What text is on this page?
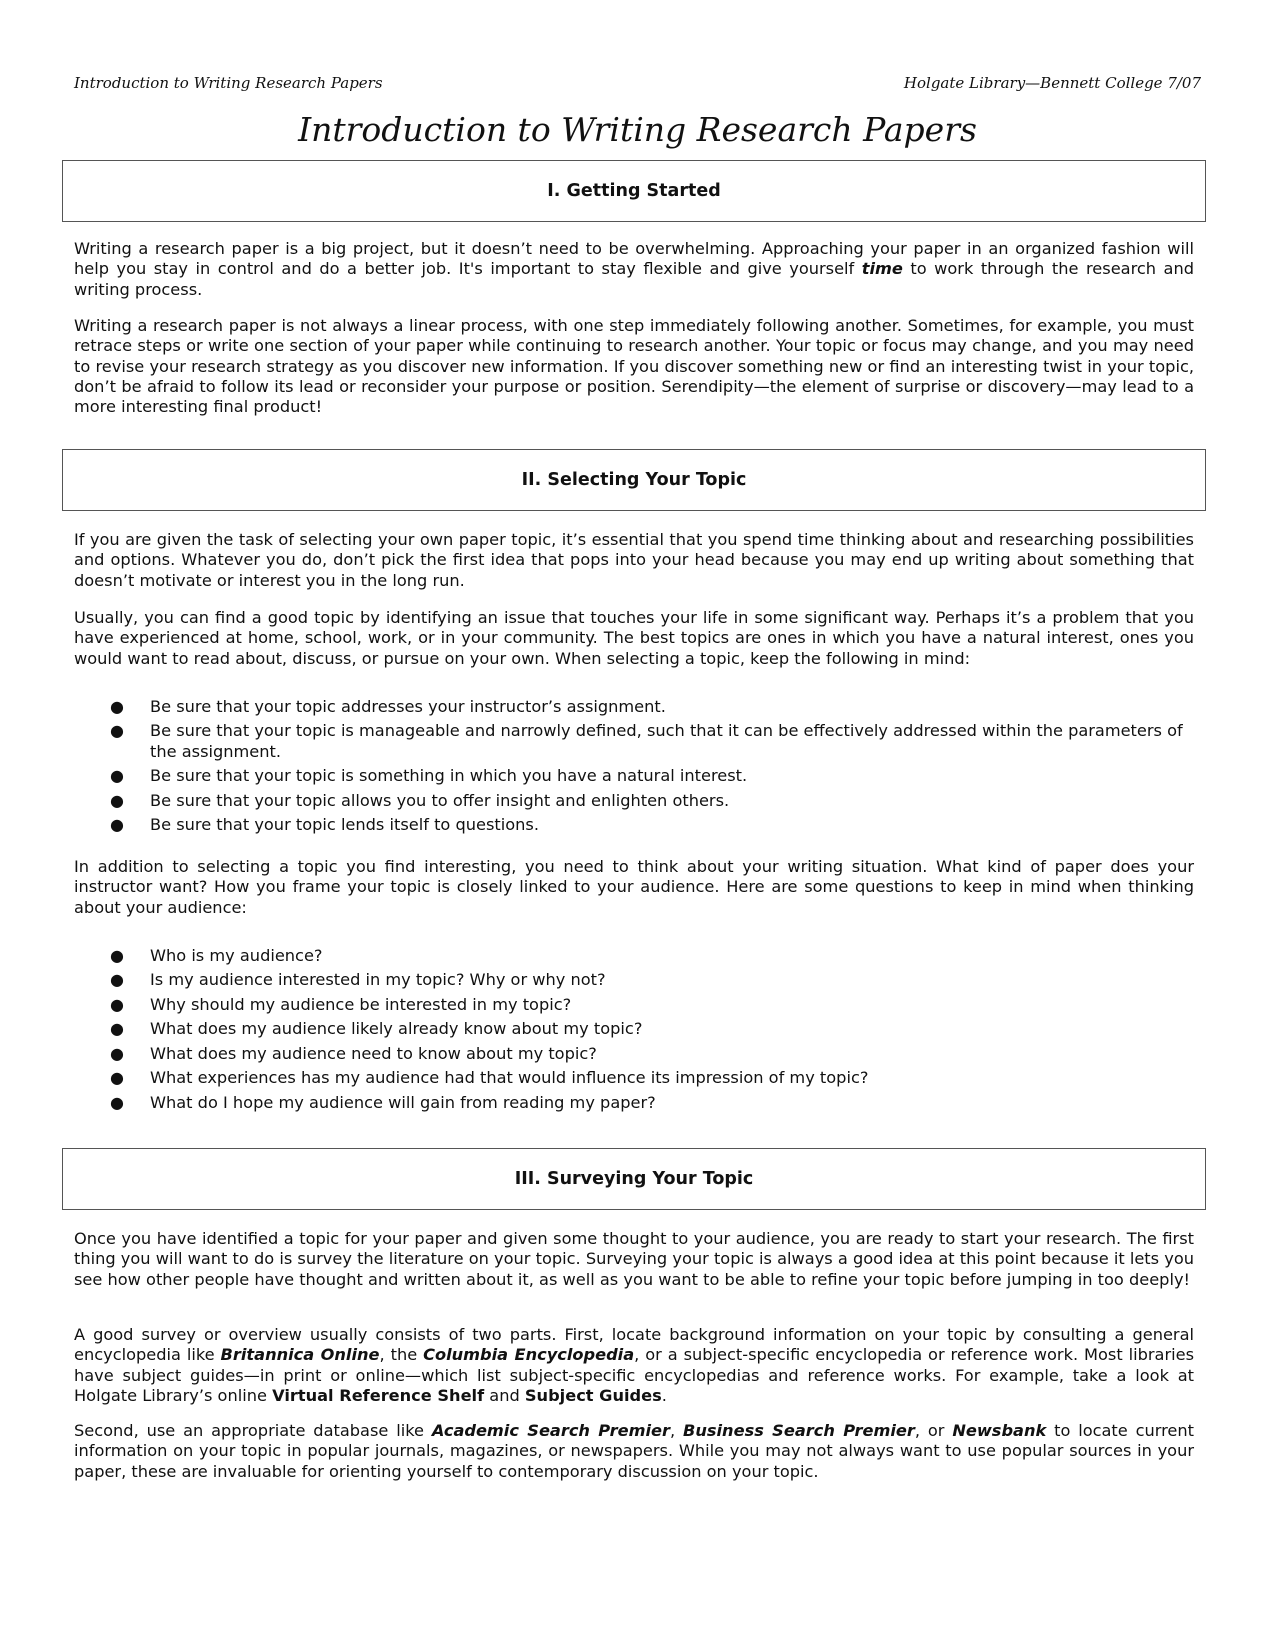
Introduction to Writing Research Papers	Holgate Library—Bennett College 7/07
Introduction to Writing Research Papers
I. Getting Started

Writing a research paper is a big project, but it doesn’t need to be overwhelming. Approaching your paper in an organized fashion will help you stay in control and do a better job. It's important to stay flexible and give yourself time to work through the research and writing process.

Writing a research paper is not always a linear process, with one step immediately following another. Sometimes, for example, you must retrace steps or write one section of your paper while continuing to research another. Your topic or focus may change, and you may need to revise your research strategy as you discover new information. If you discover something new or find an interesting twist in your topic, don’t be afraid to follow its lead or reconsider your purpose or position. Serendipity—the element of surprise or discovery—may lead to a more interesting final product!

II. Selecting Your Topic

If you are given the task of selecting your own paper topic, it’s essential that you spend time thinking about and researching possibilities and options. Whatever you do, don’t pick the first idea that pops into your head because you may end up writing about something that doesn’t motivate or interest you in the long run.

Usually, you can find a good topic by identifying an issue that touches your life in some significant way. Perhaps it’s a problem that you have experienced at home, school, work, or in your community. The best topics are ones in which you have a natural interest, ones you would want to read about, discuss, or pursue on your own. When selecting a topic, keep the following in mind:

● Be sure that your topic addresses your instructor’s assignment.
● Be sure that your topic is manageable and narrowly defined, such that it can be effectively addressed within the parameters of the assignment.
● Be sure that your topic is something in which you have a natural interest.
● Be sure that your topic allows you to offer insight and enlighten others.
● Be sure that your topic lends itself to questions.

In addition to selecting a topic you find interesting, you need to think about your writing situation. What kind of paper does your instructor want? How you frame your topic is closely linked to your audience. Here are some questions to keep in mind when thinking about your audience:

● Who is my audience?
● Is my audience interested in my topic? Why or why not?
● Why should my audience be interested in my topic?
● What does my audience likely already know about my topic?
● What does my audience need to know about my topic?
● What experiences has my audience had that would influence its impression of my topic?
● What do I hope my audience will gain from reading my paper?
III. Surveying Your Topic

Once you have identified a topic for your paper and given some thought to your audience, you are ready to start your research. The first thing you will want to do is survey the literature on your topic. Surveying your topic is always a good idea at this point because it lets you see how other people have thought and written about it, as well as you want to be able to refine your topic before jumping in too deeply!

A good survey or overview usually consists of two parts. First, locate background information on your topic by consulting a general encyclopedia like Britannica Online, the Columbia Encyclopedia, or a subject-specific encyclopedia or reference work. Most libraries have subject guides—in print or online—which list subject-specific encyclopedias and reference works. For example, take a look at Holgate Library’s online Virtual Reference Shelf and Subject Guides.

Second, use an appropriate database like Academic Search Premier, Business Search Premier, or Newsbank to locate current information on your topic in popular journals, magazines, or newspapers. While you may not always want to use popular sources in your paper, these are invaluable for orienting yourself to contemporary discussion on your topic.
